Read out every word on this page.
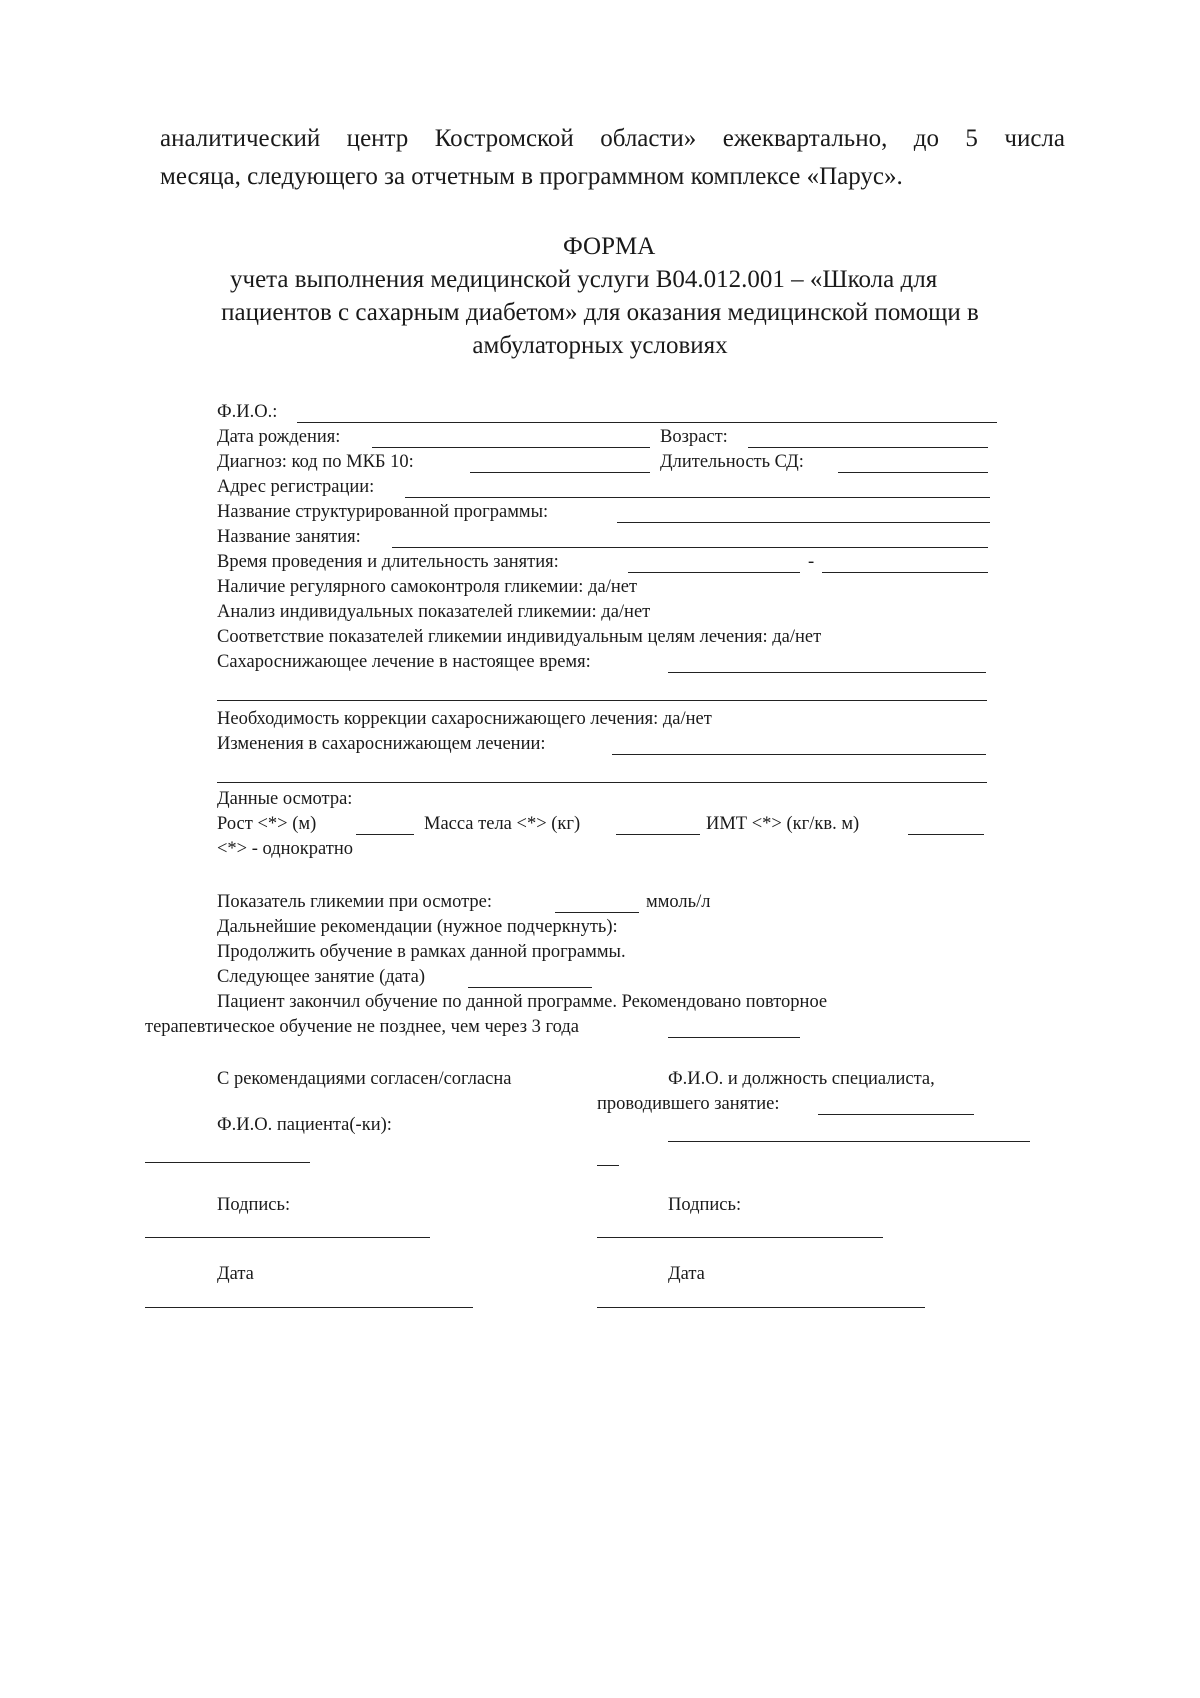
аналитический центр Костромской области» ежеквартально, до 5 числа
месяца, следующего за отчетным в программном комплексе «Парус».
ФОРМА
учета выполнения медицинской услуги B04.012.001 – «Школа для
пациентов с сахарным диабетом» для оказания медицинской помощи в
амбулаторных условиях
Ф.И.О.:
Дата рождения:	Возраст:
Диагноз: код по МКБ 10:	Длительность СД:
Адрес регистрации:
Название структурированной программы:
Название занятия:
Время проведения и длительность занятия:	-
Наличие регулярного самоконтроля гликемии: да/нет
Анализ индивидуальных показателей гликемии: да/нет
Соответствие показателей гликемии индивидуальным целям лечения: да/нет
Сахароснижающее лечение в настоящее время:
Необходимость коррекции сахароснижающего лечения: да/нет
Изменения в сахароснижающем лечении:
Данные осмотра:
Рост <*> (м)	Масса тела <*> (кг)	ИМТ <*> (кг/кв. м)
<*> - однократно
Показатель гликемии при осмотре:	ммоль/л
Дальнейшие рекомендации (нужное подчеркнуть):
Продолжить обучение в рамках данной программы.
Следующее занятие (дата)
Пациент закончил обучение по данной программе. Рекомендовано повторное
терапевтическое обучение не позднее, чем через 3 года
С рекомендациями согласен/согласна	Ф.И.О. и должность специалиста,
проводившего занятие:
Ф.И.О. пациента(-ки):
Подпись:	Подпись:
Дата	Дата
